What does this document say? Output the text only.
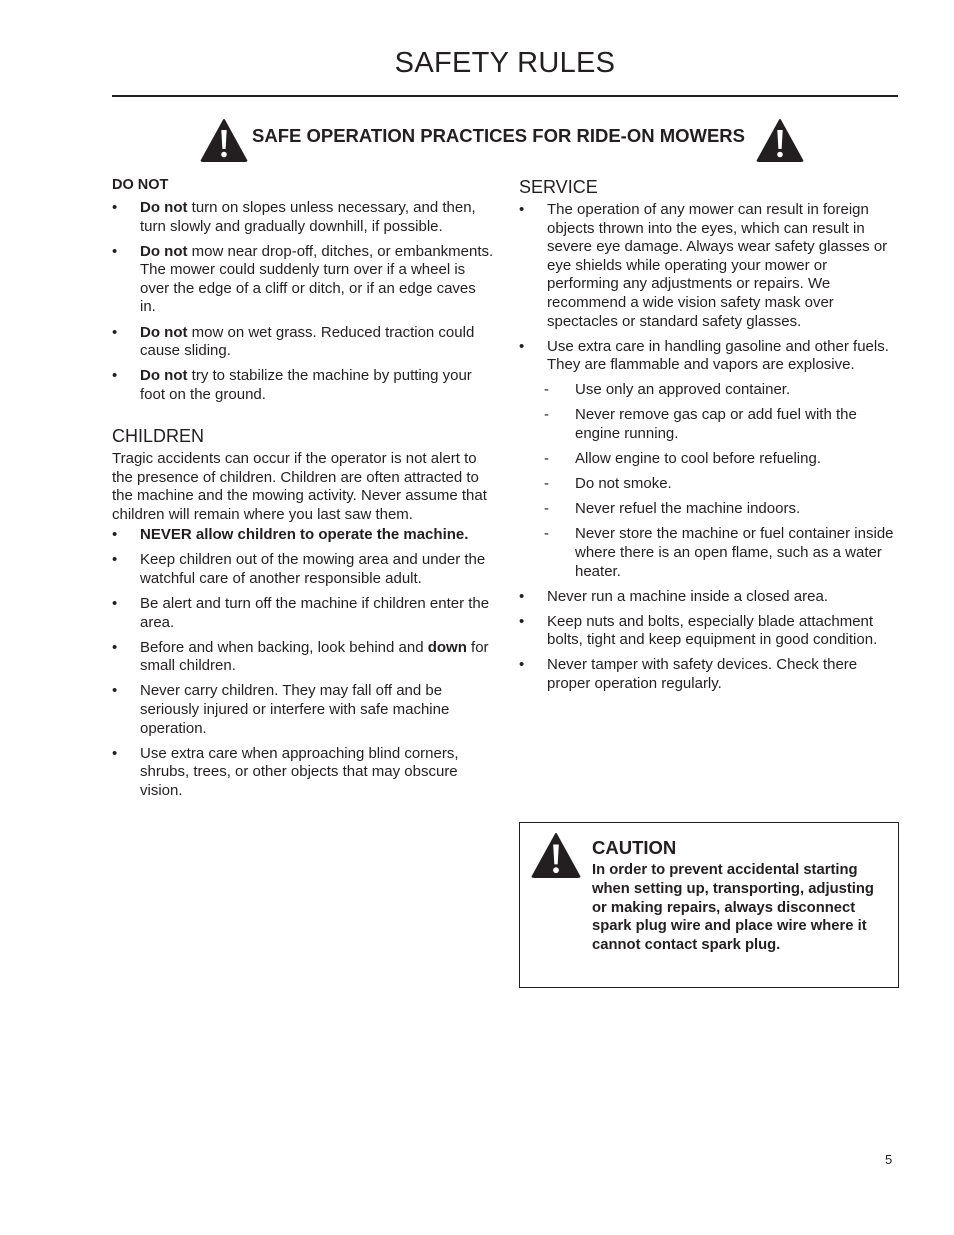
SAFETY RULES
SAFE OPERATION PRACTICES FOR RIDE-ON MOWERS
DO NOT
•	Do not turn on slopes unless necessary, and then, turn slowly and gradually downhill, if possible.
•	Do not mow near drop-off, ditches, or embankments. The mower could suddenly turn over if a wheel is over the edge of a cliff or ditch, or if an edge caves in.
•	Do not mow on wet grass. Reduced traction could cause sliding.
•	Do not try to stabilize the machine by putting your foot on the ground.
CHILDREN

Tragic accidents can occur if the operator is not alert to the presence of children. Children are often attracted to the machine and the mowing activity. Never assume that children will remain where you last saw them.

•	NEVER allow children to operate the machine.
•	Keep children out of the mowing area and under the watchful care of another responsible adult.
•	Be alert and turn off the machine if children enter the area.
•	Before and when backing, look behind and down for small children.
•	Never carry children. They may fall off and be seriously injured or interfere with safe machine operation.
•	Use extra care when approaching blind corners, shrubs, trees, or other objects that may obscure vision.
SERVICE
•	The operation of any mower can result in foreign objects thrown into the eyes, which can result in severe eye damage. Always wear safety glasses or eye shields while operating your mower or performing any adjustments or repairs. We recommend a wide vision safety mask over spectacles or standard safety glasses.
•	Use extra care in handling gasoline and other fuels. They are flammable and vapors are explosive.
- Use only an approved container.
- Never remove gas cap or add fuel with the engine running.
- Allow engine to cool before refueling.
- Do not smoke.
- Never refuel the machine indoors.
- Never store the machine or fuel container inside where there is an open flame, such as a water heater.
•	Never run a machine inside a closed area.
•	Keep nuts and bolts, especially blade attachment bolts, tight and keep equipment in good condition.
•	Never tamper with safety devices. Check there proper operation regularly.
CAUTION
In order to prevent accidental starting when setting up, transporting, adjusting or making repairs, always disconnect spark plug wire and place wire where it cannot contact spark plug.
5
